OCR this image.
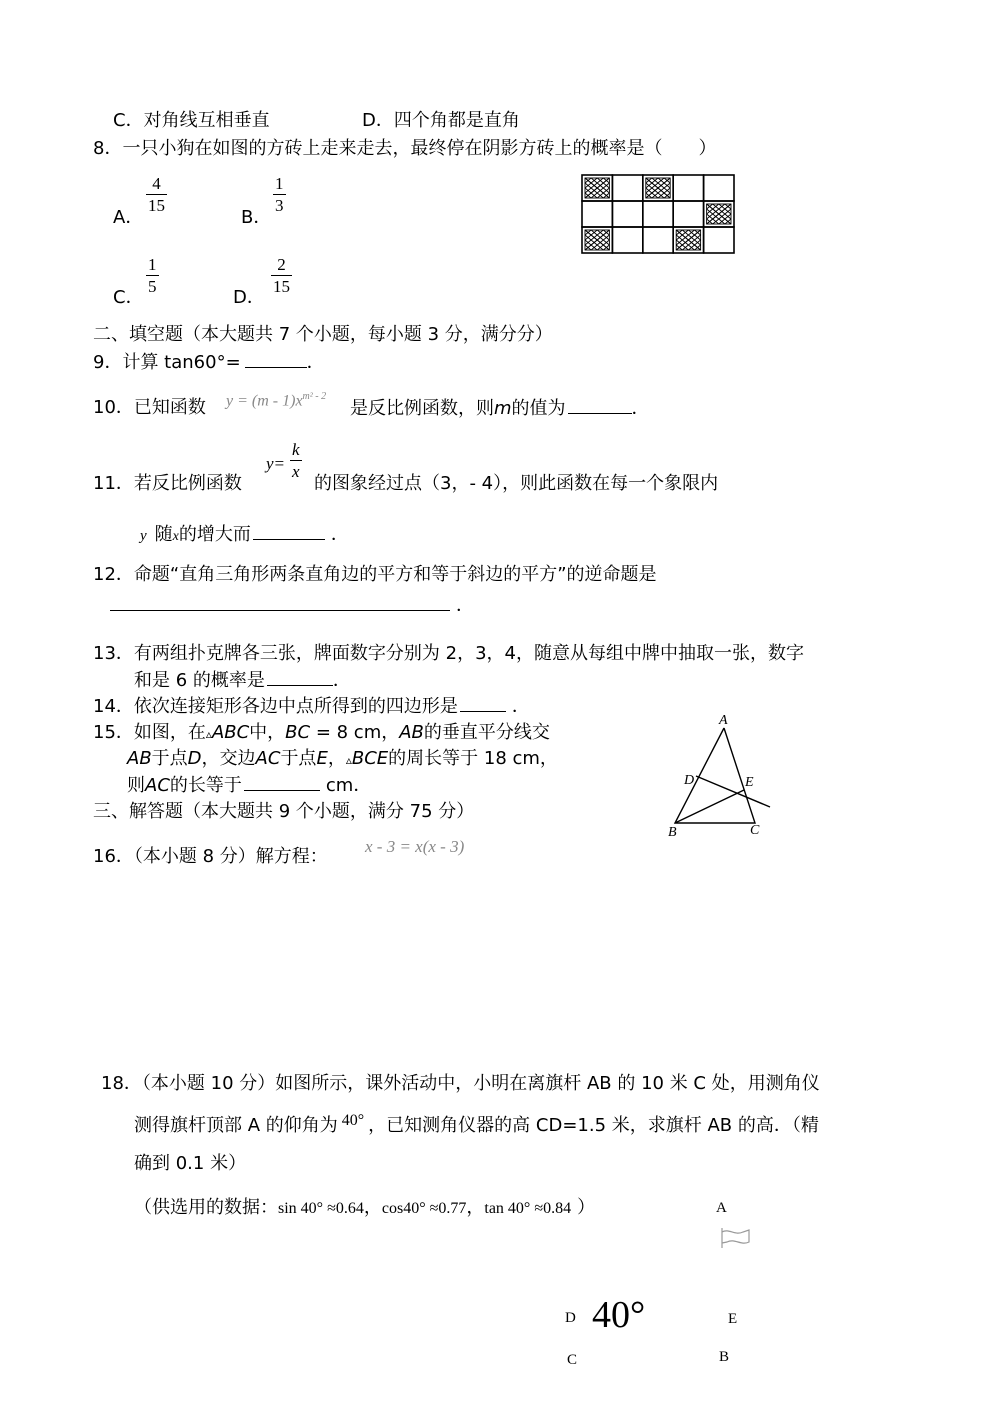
C．对角线互相垂直	D．四个角都是直角
8．一只小狗在如图的方砖上走来走去，最终停在阴影方砖上的概率是（　　）
A．
4
15
B．
1
3
C．
1
5
D．
2
15
二、填空题（本大题共 7 个小题，每小题 3 分，满分分）
9．计算 tan60°=	．
10．已知函数 $y = (m - 1)x^{m^2 - 2}$
是反比例函数，则m的值为	．
11．若反比例函数
y=
k
x
的图象经过点（3，- 4），则此函数在每一个象限内
y 随x的增大而	．
12．命题“直角三角形两条直角边的平方和等于斜边的平方”的逆命题是
．
13．有两组扑克牌各三张，牌面数字分别为 2，3，4，随意从每组中牌中抽取一张，数字
和是 6 的概率是	．
14．依次连接矩形各边中点所得到的四边形是	．
15．如图，在▵ABC中，BC = 8 cm，AB的垂直平分线交
AB于点D，交边AC于点E，▵BCE的周长等于 18 cm，
则AC的长等于	cm．
A
B	C
D	E
三、解答题（本大题共 9 个小题，满分 75 分）
16．（本小题 8 分）解方程： x - 3 = x(x - 3)
18．（本小题 10 分）如图所示，课外活动中，小明在离旗杆 AB 的 10 米 C 处，用测角仪
测得旗杆顶部 A 的仰角为 40° ，已知测角仪器的高 CD=1.5 米，求旗杆 AB 的高．（精
确到 0.1 米）
（供选用的数据：sin 40° ≈0.64，cos40° ≈0.77，tan 40° ≈0.84 ）	A
D 40°	E
C	B
